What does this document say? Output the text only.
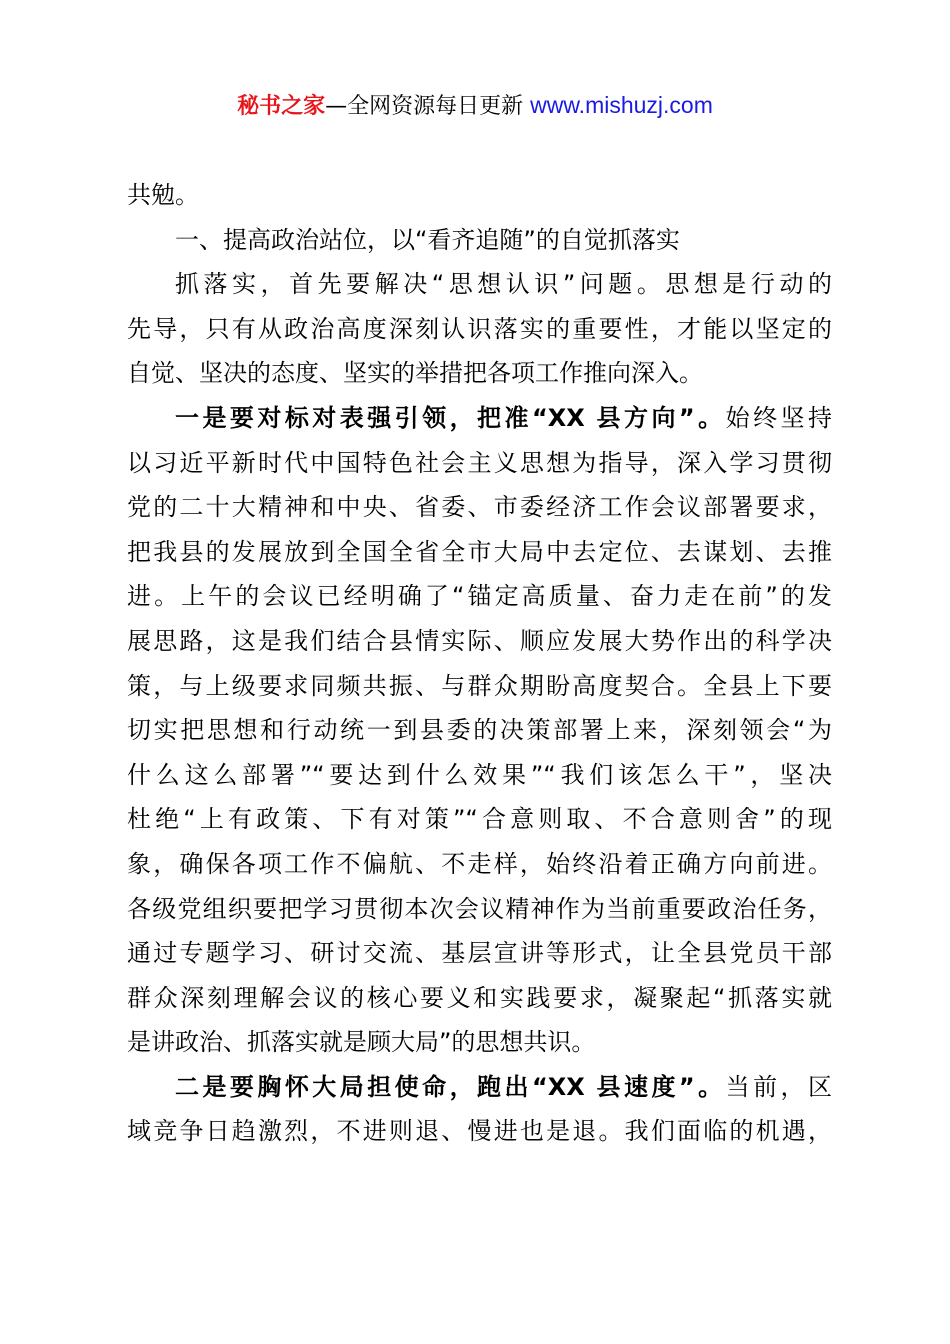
秘书之家—全网资源每日更新 www.mishuzj.com
共勉。
一、提高政治站位，以“看齐追随”的自觉抓落实
抓落实，首先要解决“思想认识”问题。思想是行动的
先导，只有从政治高度深刻认识落实的重要性，才能以坚定的
自觉、坚决的态度、坚实的举措把各项工作推向深入。
一是要对标对表强引领，把准“XX 县方向”。始终坚持
以习近平新时代中国特色社会主义思想为指导，深入学习贯彻
党的二十大精神和中央、省委、市委经济工作会议部署要求，
把我县的发展放到全国全省全市大局中去定位、去谋划、去推
进。上午的会议已经明确了“锚定高质量、奋力走在前”的发
展思路，这是我们结合县情实际、顺应发展大势作出的科学决
策，与上级要求同频共振、与群众期盼高度契合。全县上下要
切实把思想和行动统一到县委的决策部署上来，深刻领会“为
什么这么部署”“要达到什么效果”“我们该怎么干”，坚决
杜绝“上有政策、下有对策”“合意则取、不合意则舍”的现
象，确保各项工作不偏航、不走样，始终沿着正确方向前进。
各级党组织要把学习贯彻本次会议精神作为当前重要政治任务，
通过专题学习、研讨交流、基层宣讲等形式，让全县党员干部
群众深刻理解会议的核心要义和实践要求，凝聚起“抓落实就
是讲政治、抓落实就是顾大局”的思想共识。
二是要胸怀大局担使命，跑出“XX 县速度”。当前，区
域竞争日趋激烈，不进则退、慢进也是退。我们面临的机遇，
